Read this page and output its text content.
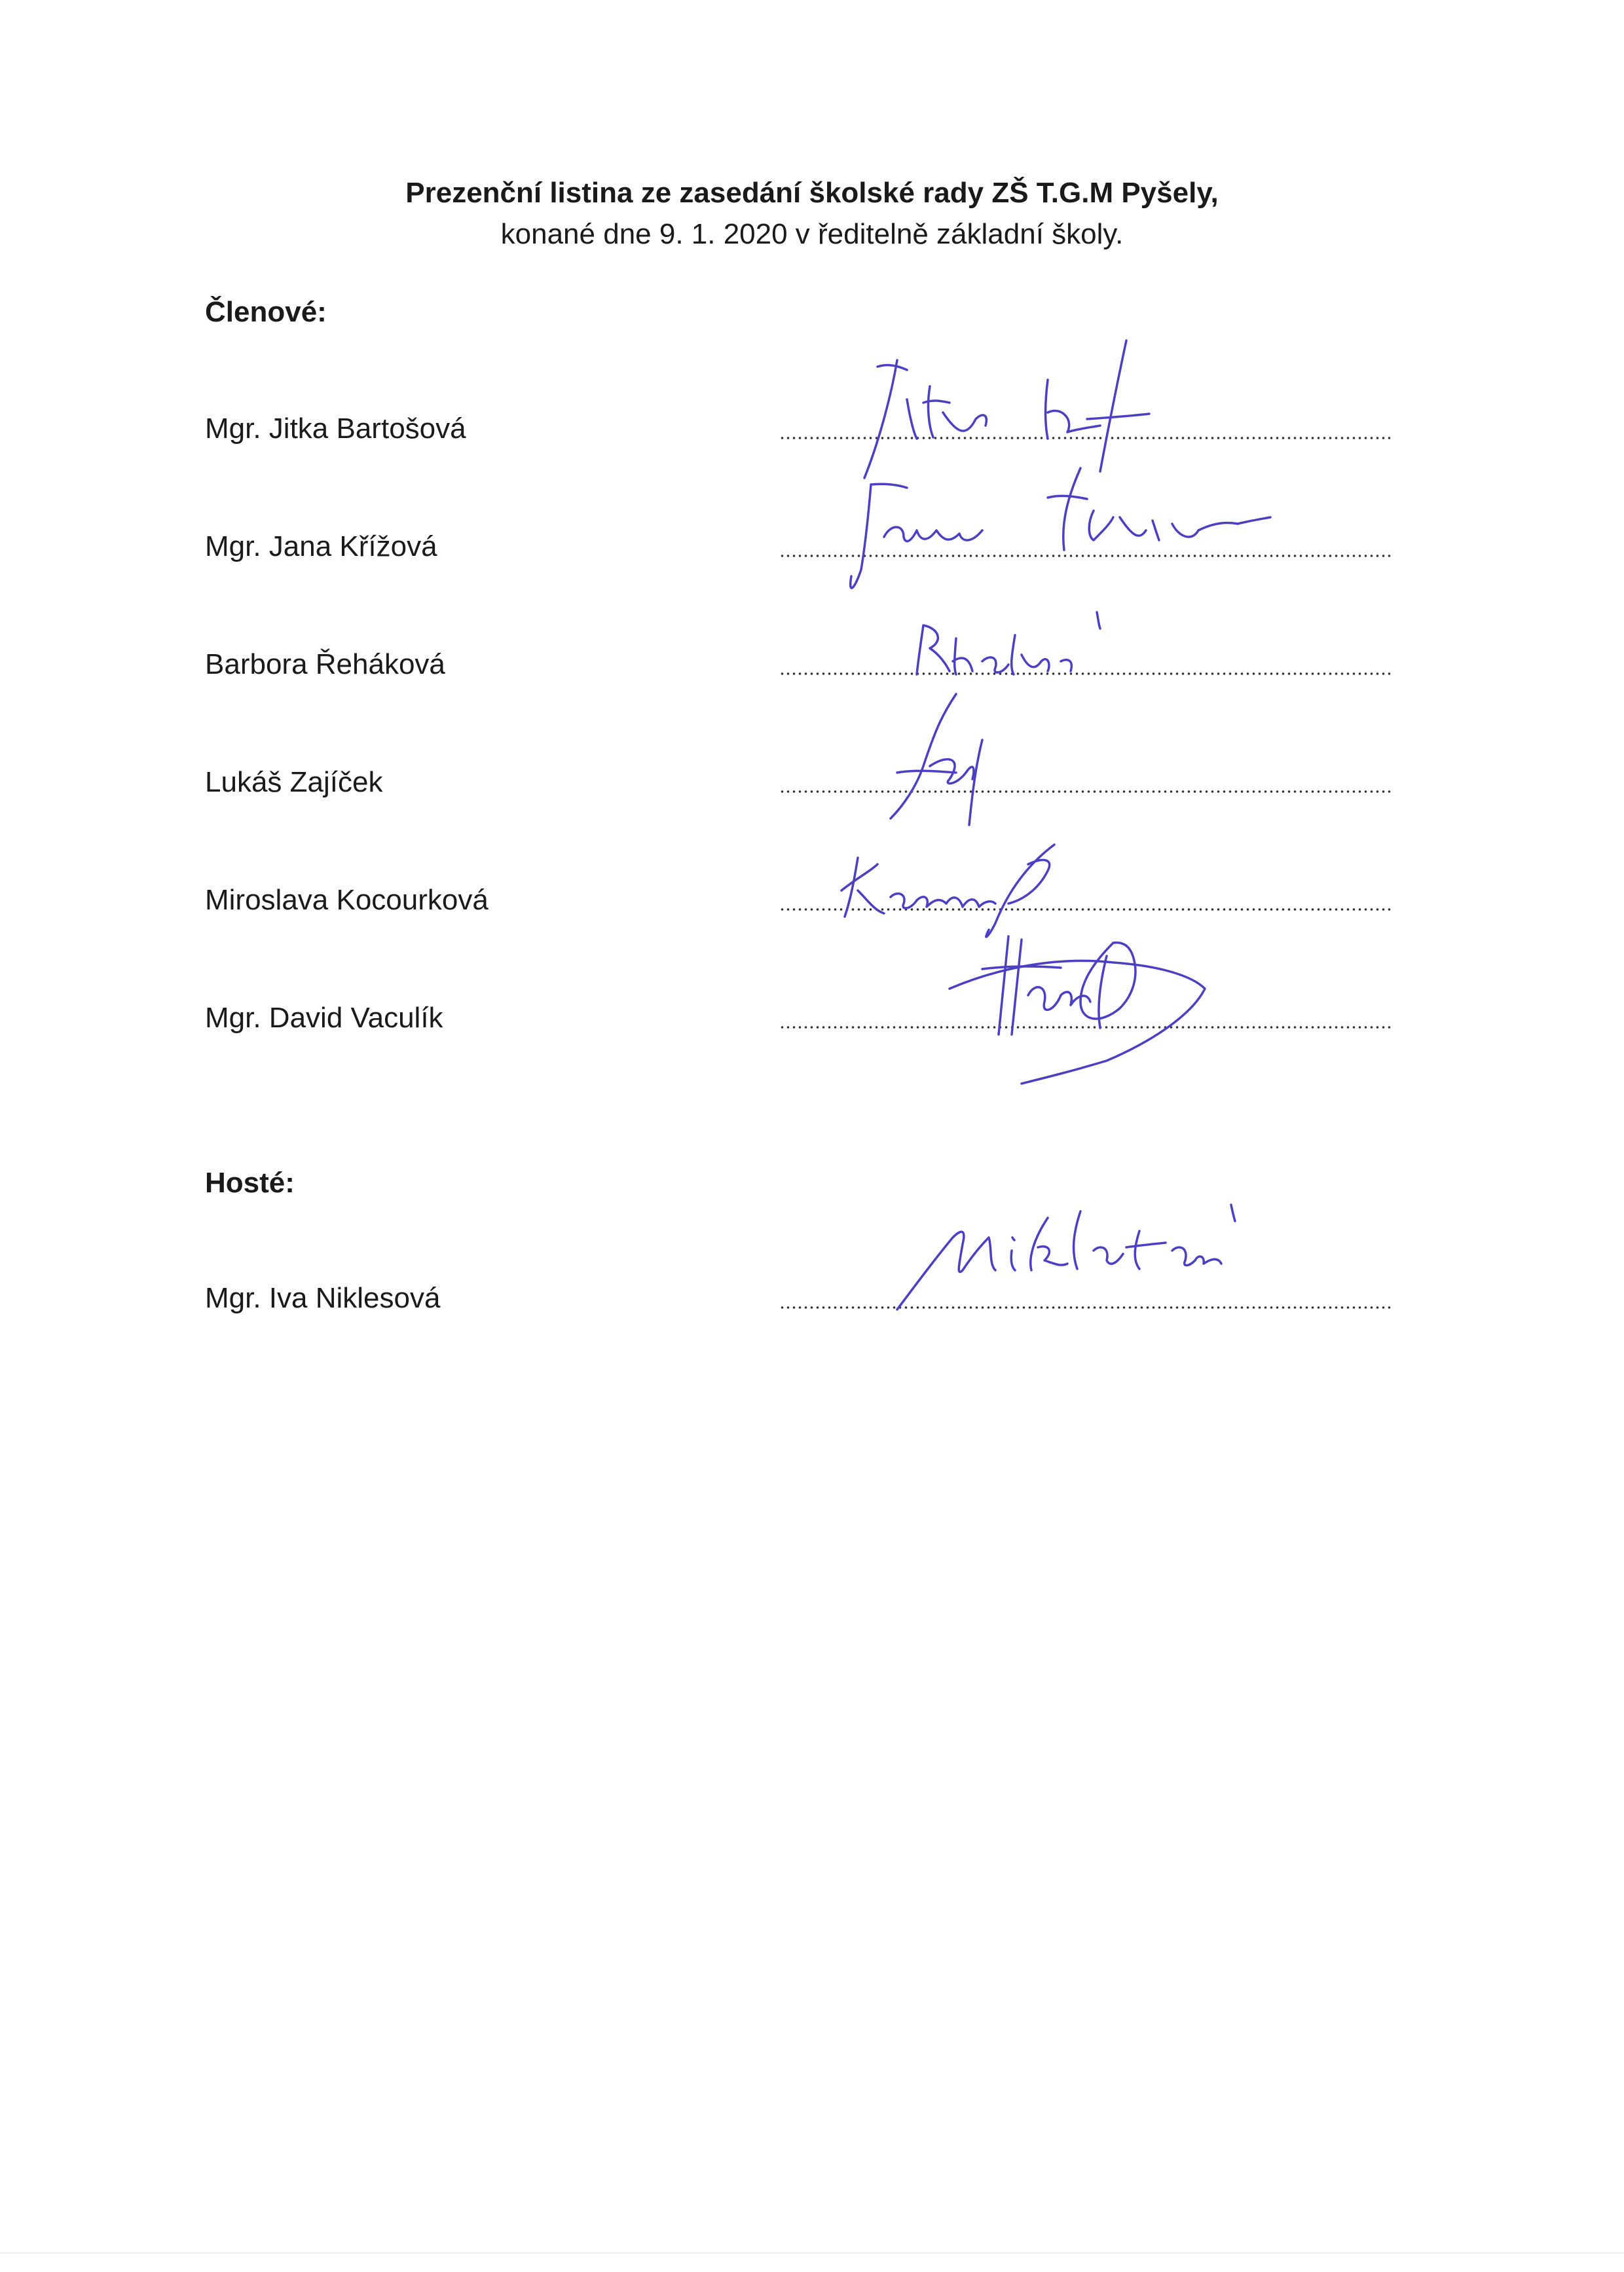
Prezenční listina ze zasedání školské rady ZŠ T.G.M Pyšely,
konané dne 9. 1. 2020 v ředitelně základní školy.
Členové:
Mgr. Jitka Bartošová
Mgr. Jana Křížová
Barbora Řeháková
Lukáš Zajíček
Miroslava Kocourková
Mgr. David Vaculík
Hosté:
Mgr. Iva Niklesová
